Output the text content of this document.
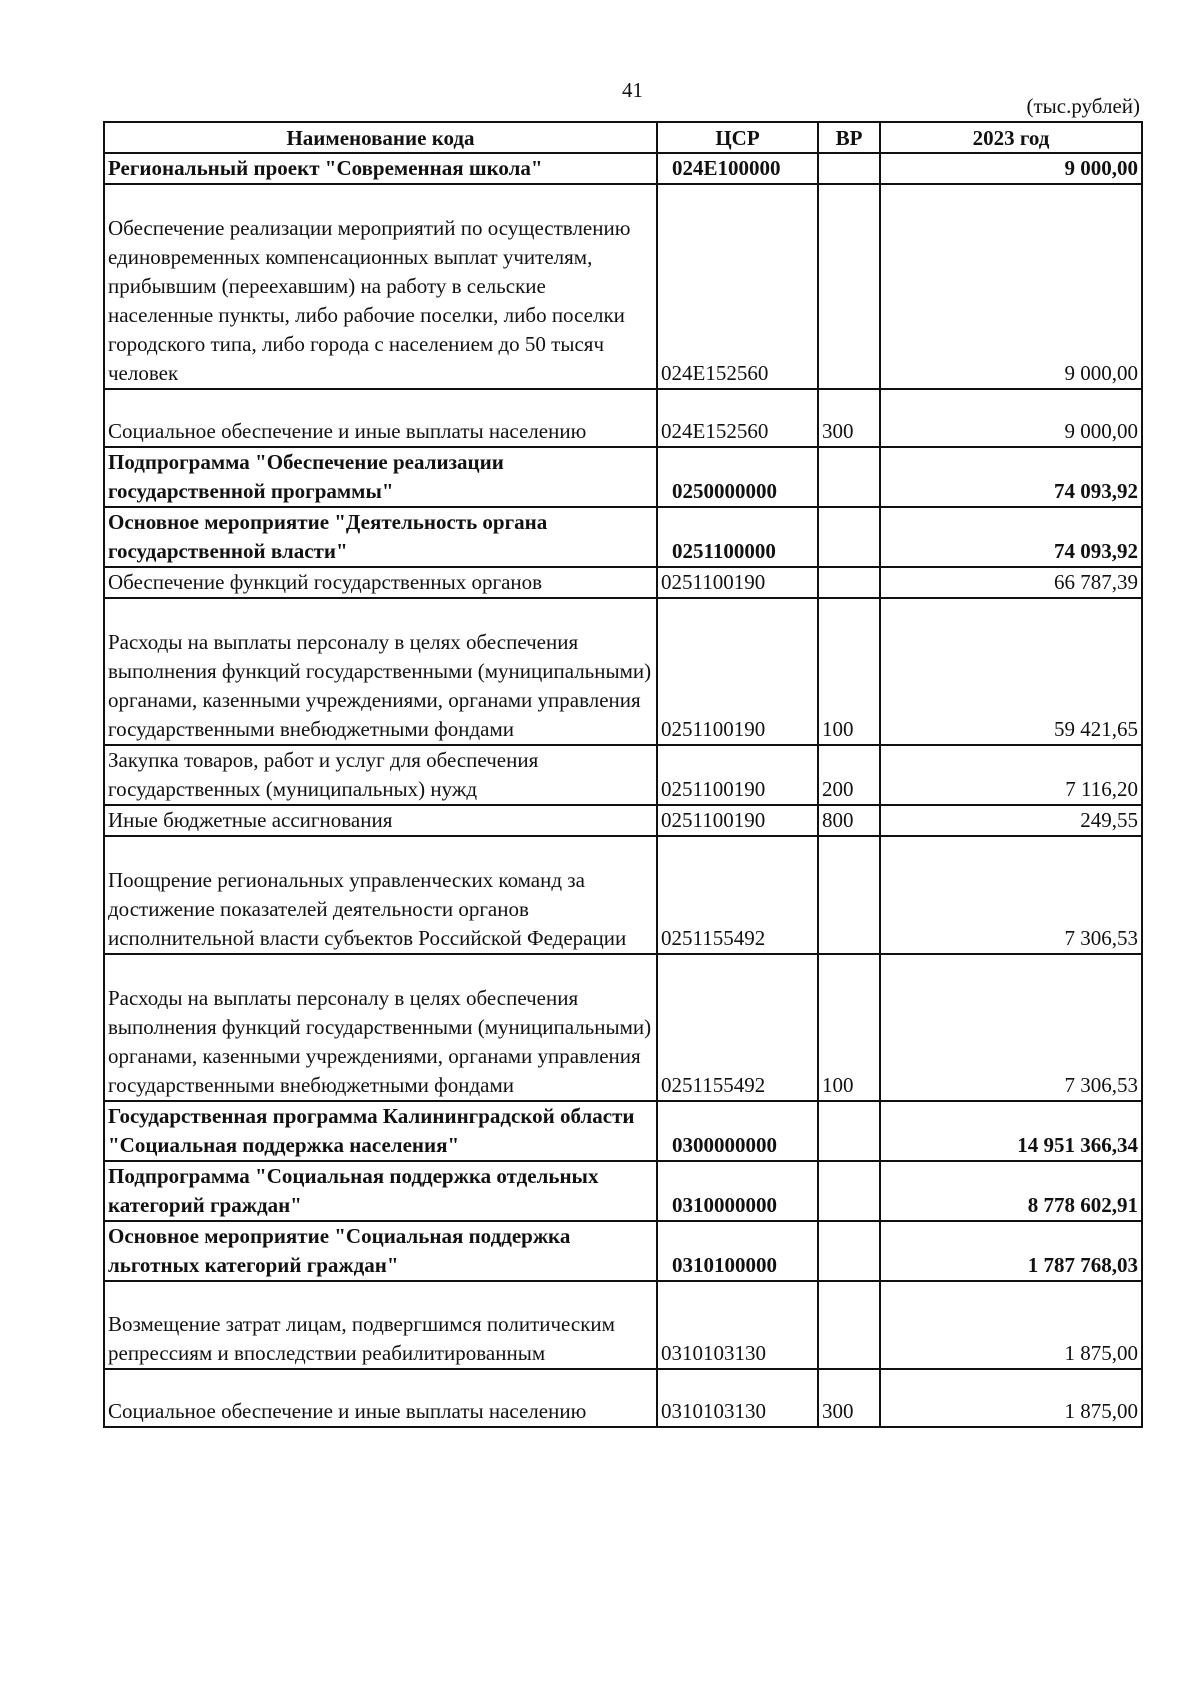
41
(тыс.рублей)
Наименование кода	ЦСР	ВР	2023 год
Региональный проект "Современная школа"	024E100000		9 000,00
Обеспечение реализации мероприятий по осуществлению единовременных компенсационных выплат учителям, прибывшим (переехавшим) на работу в сельские населенные пункты, либо рабочие поселки, либо поселки городского типа, либо города с населением до 50 тысяч человек	024E152560		9 000,00
Социальное обеспечение и иные выплаты населению	024E152560	300	9 000,00
Подпрограмма "Обеспечение реализации государственной программы"	0250000000		74 093,92
Основное мероприятие "Деятельность органа государственной власти"	0251100000		74 093,92
Обеспечение функций государственных органов	0251100190		66 787,39
Расходы на выплаты персоналу в целях обеспечения выполнения функций государственными (муниципальными) органами, казенными учреждениями, органами управления государственными внебюджетными фондами	0251100190	100	59 421,65
Закупка товаров, работ и услуг для обеспечения государственных (муниципальных) нужд	0251100190	200	7 116,20
Иные бюджетные ассигнования	0251100190	800	249,55
Поощрение региональных управленческих команд за достижение показателей деятельности органов исполнительной власти субъектов Российской Федерации	0251155492		7 306,53
Расходы на выплаты персоналу в целях обеспечения выполнения функций государственными (муниципальными) органами, казенными учреждениями, органами управления государственными внебюджетными фондами	0251155492	100	7 306,53
Государственная программа Калининградской области "Социальная поддержка населения"	0300000000		14 951 366,34
Подпрограмма "Социальная поддержка отдельных категорий граждан"	0310000000		8 778 602,91
Основное мероприятие "Социальная поддержка льготных категорий граждан"	0310100000		1 787 768,03
Возмещение затрат лицам, подвергшимся политическим репрессиям и впоследствии реабилитированным	0310103130		1 875,00
Социальное обеспечение и иные выплаты населению	0310103130	300	1 875,00
